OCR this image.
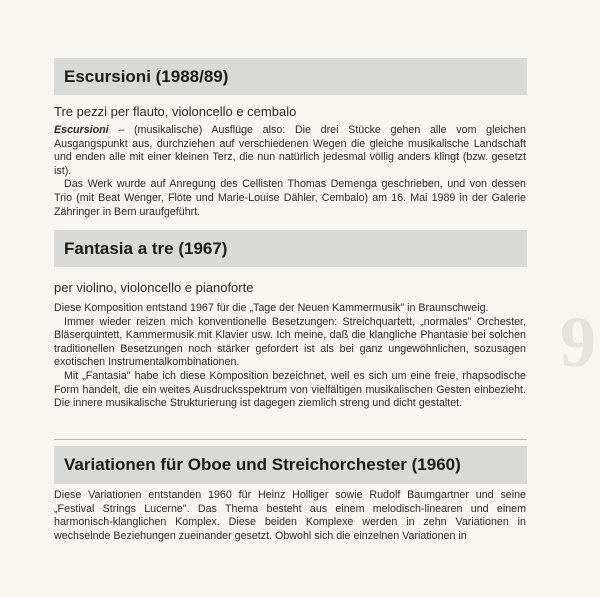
Escursioni (1988/89)
Tre pezzi per flauto, violoncello e cembalo

Escursioni – (musikalische) Ausflüge also: Die drei Stücke gehen alle vom gleichen Ausgangspunkt aus, durchziehen auf verschiedenen Wegen die gleiche musikalische Landschaft und enden alle mit einer kleinen Terz, die nun natürlich jedesmal völlig anders klingt (bzw. gesetzt ist).

Das Werk wurde auf Anregung des Cellisten Thomas Demenga geschrieben, und von dessen Trio (mit Beat Wenger, Flöte und Marie-Louise Dähler, Cembalo) am 16. Mai 1989 in der Galerie Zähringer in Bern uraufgeführt.

Fantasia a tre (1967)
per violino, violoncello e pianoforte

Diese Komposition entstand 1967 für die „Tage der Neuen Kammermusik" in Braunschweig.

Immer wieder reizen mich konventionelle Besetzungen: Streichquartett, „normales" Orchester, Bläserquintett, Kammermusik mit Klavier usw. Ich meine, daß die klangliche Phantasie bei solchen traditionellen Besetzungen noch stärker gefordert ist als bei ganz ungewöhnlichen, sozusagen exotischen Instrumentalkombinationen.

Mit „Fantasia" habe ich diese Komposition bezeichnet, weil es sich um eine freie, rhapsodische Form handelt, die ein weites Ausdrucksspektrum von vielfältigen musikalischen Gesten einbezieht. Die innere musikalische Strukturierung ist dagegen ziemlich streng und dicht gestaltet.

Variationen für Oboe und Streichorchester (1960)

Diese Variationen entstanden 1960 für Heinz Holliger sowie Rudolf Baumgartner und seine „Festival Strings Lucerne". Das Thema besteht aus einem melodisch-linearen und einem harmonisch-klanglichen Komplex. Diese beiden Komplexe werden in zehn Variationen in wechselnde Beziehungen zueinander gesetzt. Obwohl sich die einzelnen Variationen in

9
